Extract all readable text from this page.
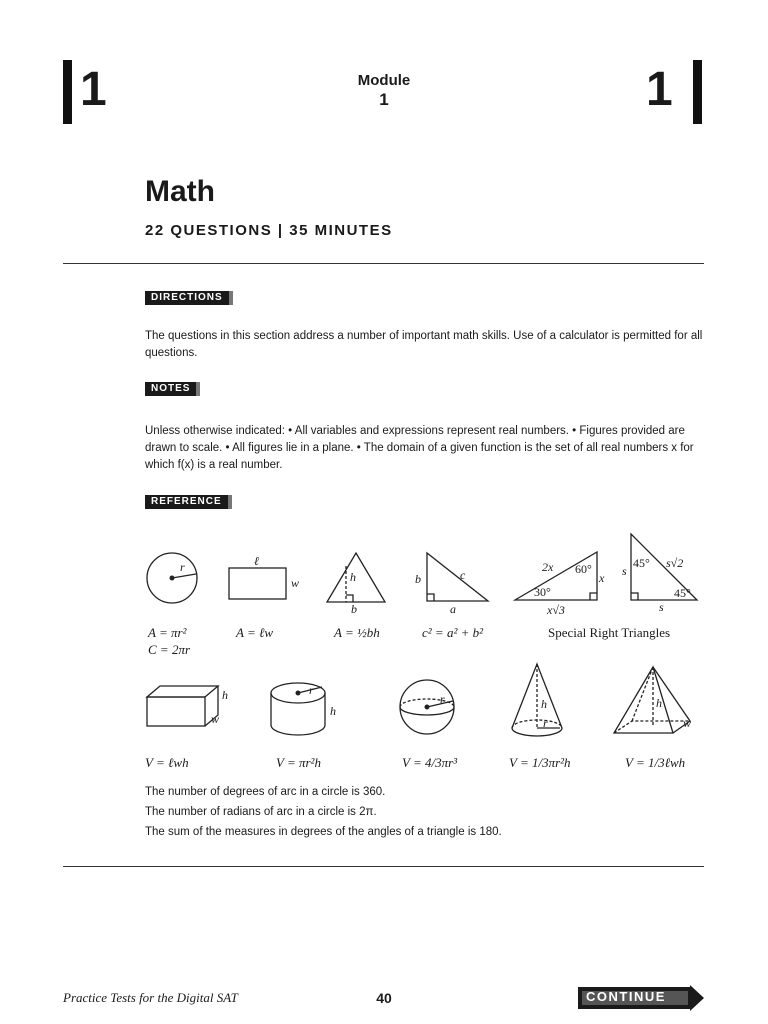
1	Module
1	1
Math
22 QUESTIONS | 35 MINUTES
DIRECTIONS
The questions in this section address a number of important math skills. Use of a calculator is permitted for all questions.
NOTES
Unless otherwise indicated: • All variables and expressions represent real numbers. • Figures provided are drawn to scale. • All figures lie in a plane. • The domain of a given function is the set of all real numbers x for which f(x) is a real number.
REFERENCE
r	ℓ
w	h
b
b	c
a
2x 60°
x
30°
x√3
s
45° s√2
45°
s
h
w
r
h
r	h
r
h
w
A = πr²
C = 2πr
A = ℓw	A = ½bh	c² = a² + b²	Special Right Triangles
V = ℓwh	V = πr²h	V = 4/3πr³	V = 1/3πr²h	V = 1/3ℓwh
The number of degrees of arc in a circle is 360.
The number of radians of arc in a circle is 2π.
The sum of the measures in degrees of the angles of a triangle is 180.
Practice Tests for the Digital SAT	40	CONTINUE
